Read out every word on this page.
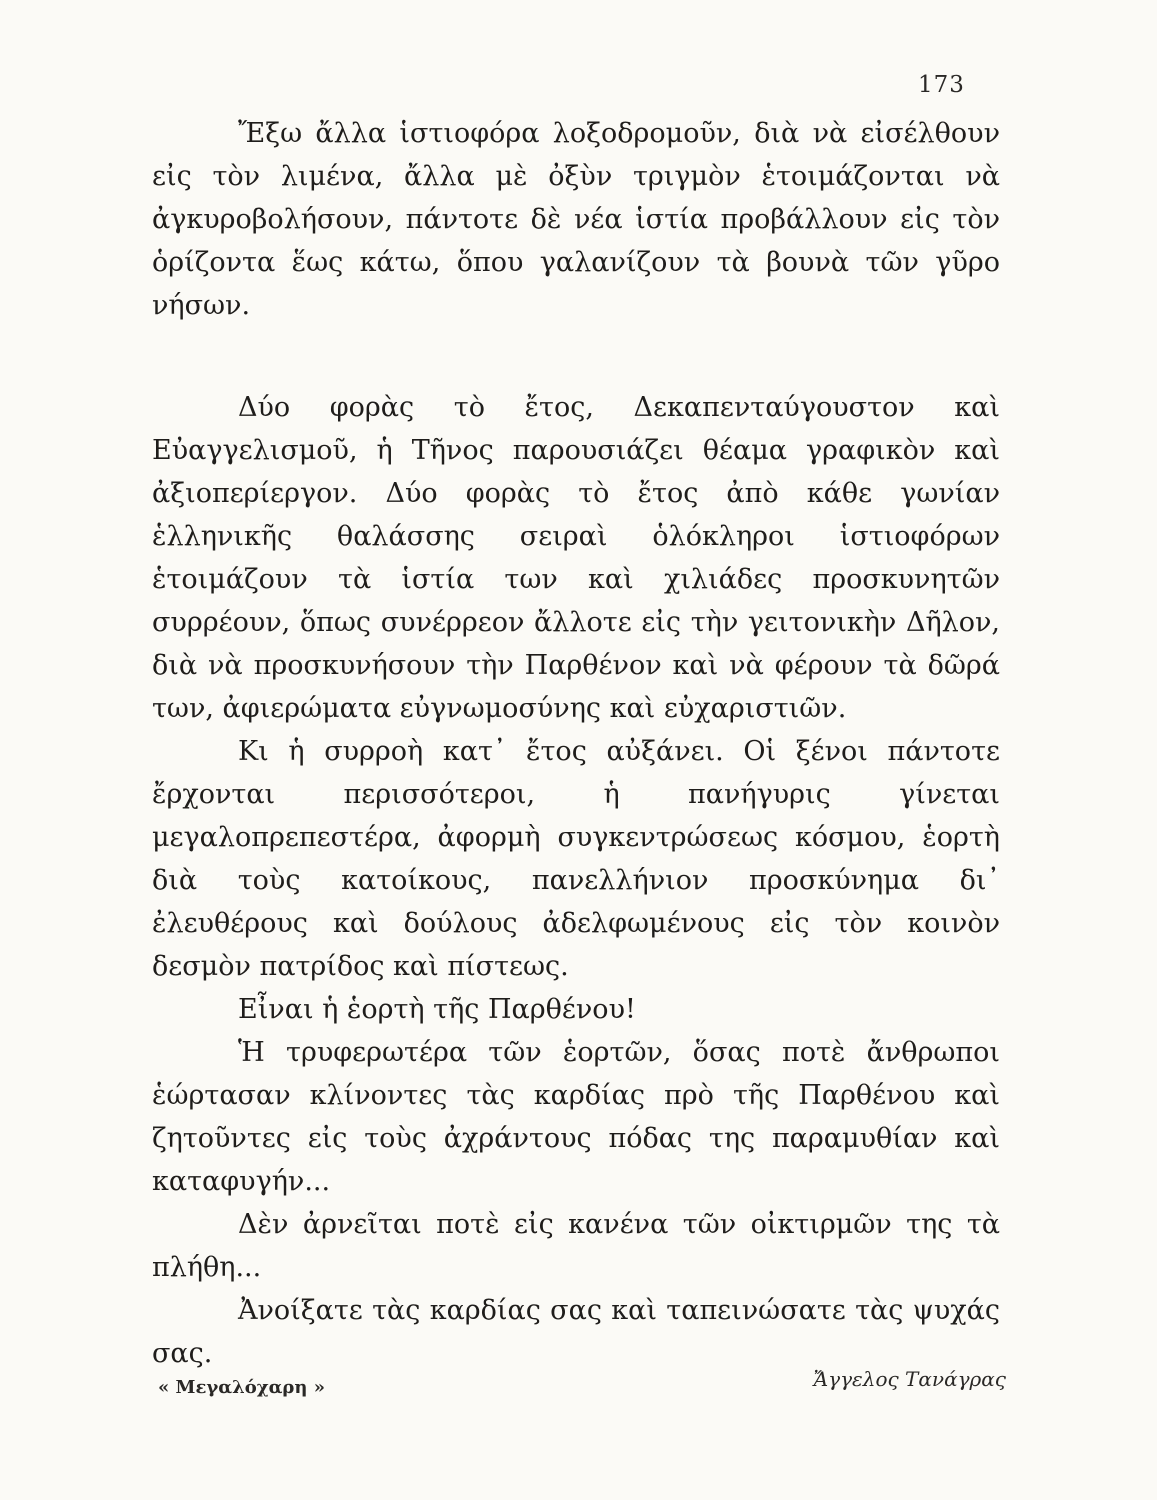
173

Ἔξω ἄλλα ἱστιοφόρα λοξοδρομοῦν, διὰ νὰ εἰσέλθουν εἰς τὸν λιμένα, ἄλλα μὲ ὀξὺν τριγμὸν ἑτοιμάζονται νὰ ἀγκυροβολήσουν, πάντοτε δὲ νέα ἱστία προβάλλουν εἰς τὸν ὁρίζοντα ἕως κάτω, ὅπου γαλανίζουν τὰ βουνὰ τῶν γῦρο νήσων.

Δύο φορὰς τὸ ἔτος, Δεκαπενταύγουστον καὶ Εὐαγγελισμοῦ, ἡ Τῆνος παρουσιάζει θέαμα γραφικὸν καὶ ἀξιοπερίεργον. Δύο φορὰς τὸ ἔτος ἀπὸ κάθε γωνίαν ἑλληνικῆς θαλάσσης σειραὶ ὁλόκληροι ἱστιοφόρων ἑτοιμάζουν τὰ ἱστία των καὶ χιλιάδες προσκυνητῶν συρρέουν, ὅπως συνέρρεον ἄλλοτε εἰς τὴν γειτονικὴν Δῆλον, διὰ νὰ προσκυνήσουν τὴν Παρθένον καὶ νὰ φέρουν τὰ δῶρά των, ἀφιερώματα εὐγνωμοσύνης καὶ εὐχαριστιῶν.

Κι ἡ συρροὴ κατ᾽ ἔτος αὐξάνει. Οἱ ξένοι πάντοτε ἔρχονται περισσότεροι, ἡ πανήγυρις γίνεται μεγαλοπρεπεστέρα, ἀφορμὴ συγκεντρώσεως κόσμου, ἑορτὴ διὰ τοὺς κατοίκους, πανελλήνιον προσκύνημα δι᾽ ἐλευθέρους καὶ δούλους ἀδελφωμένους εἰς τὸν κοινὸν δεσμὸν πατρίδος καὶ πίστεως.

Εἶναι ἡ ἑορτὴ τῆς Παρθένου!

Ἡ τρυφερωτέρα τῶν ἑορτῶν, ὅσας ποτὲ ἄνθρωποι ἑώρτασαν κλίνοντες τὰς καρδίας πρὸ τῆς Παρθένου καὶ ζητοῦντες εἰς τοὺς ἀχράντους πόδας της παραμυθίαν καὶ καταφυγήν...

Δὲν ἀρνεῖται ποτὲ εἰς κανένα τῶν οἰκτιρμῶν της τὰ πλήθη...

Ἀνοίξατε τὰς καρδίας σας καὶ ταπεινώσατε τὰς ψυχάς σας.

« Μεγαλόχαρη »	Ἄγγελος Τανάγρας
